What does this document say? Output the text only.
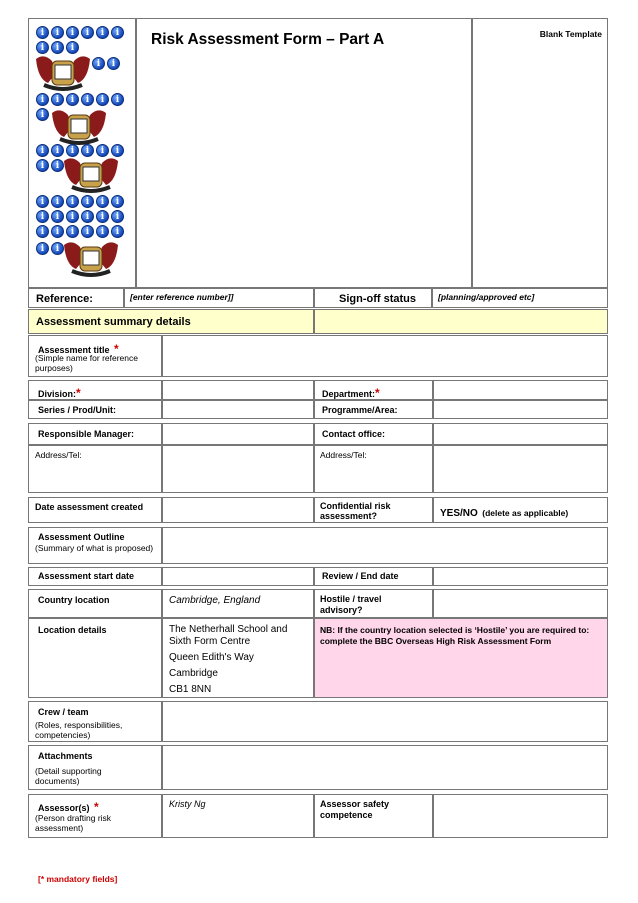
Risk Assessment Form – Part A	Blank Template
i	i	i	i	i	i
i	i	i
i	i
i	i	i	i	i	i
i
i	i	i	i	i	i
i	i
i	i	i	i	i	i
i	i	i	i	i	i
i	i	i	i	i	i
i	i
Reference:	[enter reference number]]	Sign-off status	[planning/approved etc]
Assessment summary details
Assessment title *
(Simple name for reference purposes)
Division:*	Department:*
Series / Prod/Unit:	Programme/Area:
Responsible Manager:	Contact office:
Address/Tel:	Address/Tel:
Date assessment created	Confidential risk assessment?	YES/NO (delete as applicable)
Assessment Outline
(Summary of what is proposed)
Assessment start date	Review / End date
Country location	Cambridge, England	Hostile / travel advisory?
Location details	The Netherhall School and Sixth Form Centre
Queen Edith's Way
Cambridge
CB1 8NN
NB: If the country location selected is ‘Hostile’ you are required to: complete the BBC Overseas High Risk Assessment Form
Crew / team
(Roles, responsibilities, competencies)
Attachments
(Detail supporting documents)
Assessor(s) *
(Person drafting risk assessment)
Kristy Ng	Assessor safety competence
[* mandatory fields]
